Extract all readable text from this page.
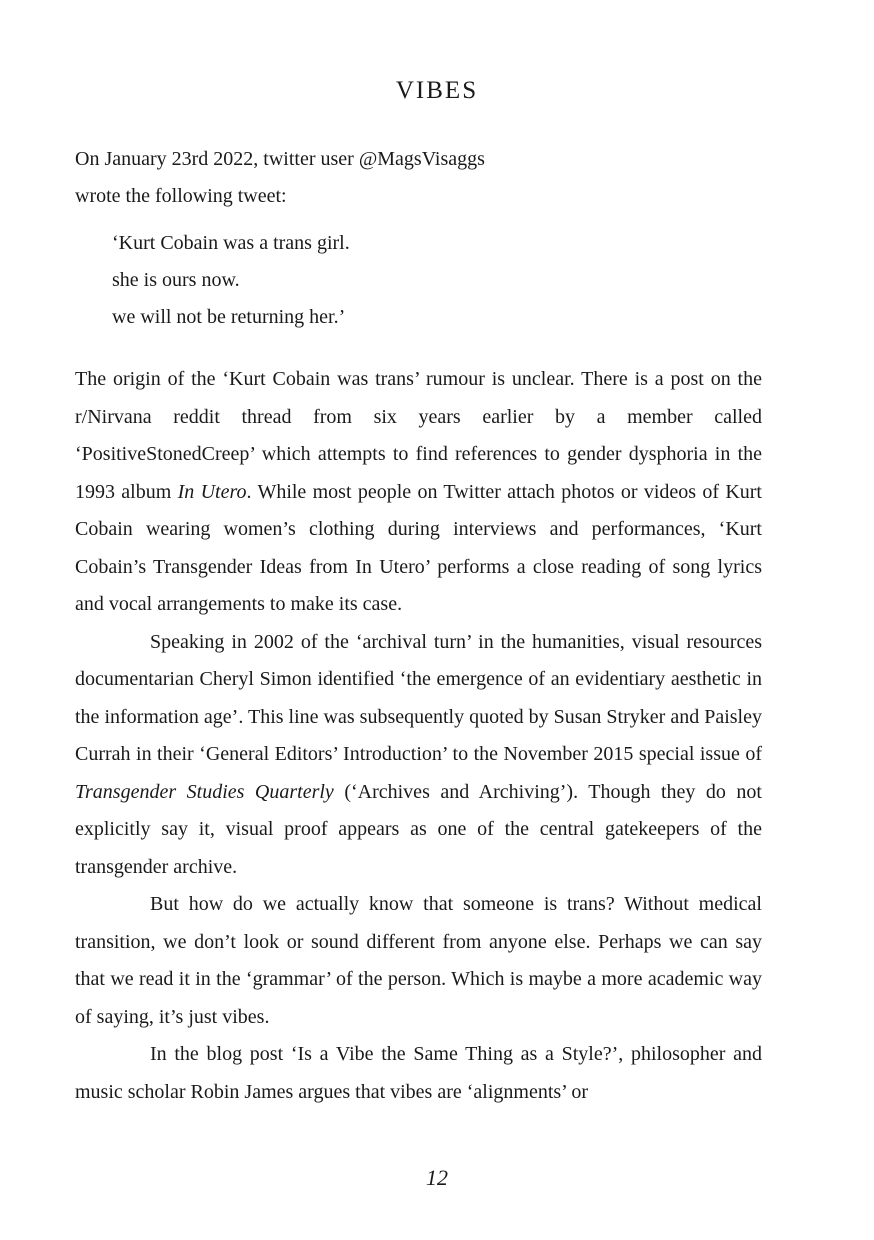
VIBES

On January 23rd 2022, twitter user @MagsVisaggs

wrote the following tweet:

‘Kurt Cobain was a trans girl.

she is ours now.

we will not be returning her.’

The origin of the ‘Kurt Cobain was trans’ rumour is unclear. There is a post on the r/Nirvana reddit thread from six years earlier by a member called ‘PositiveStonedCreep’ which attempts to find references to gender dysphoria in the 1993 album In Utero. While most people on Twitter attach photos or videos of Kurt Cobain wearing women’s clothing during interviews and performances, ‘Kurt Cobain’s Transgender Ideas from In Utero’ performs a close reading of song lyrics and vocal arrangements to make its case.

Speaking in 2002 of the ‘archival turn’ in the humanities, visual resources documentarian Cheryl Simon identified ‘the emergence of an evidentiary aesthetic in the information age’. This line was subsequently quoted by Susan Stryker and Paisley Currah in their ‘General Editors’ Introduction’ to the November 2015 special issue of Transgender Studies Quarterly (‘Archives and Archiving’). Though they do not explicitly say it, visual proof appears as one of the central gatekeepers of the transgender archive.

But how do we actually know that someone is trans? Without medical transition, we don’t look or sound different from anyone else. Perhaps we can say that we read it in the ‘grammar’ of the person. Which is maybe a more academic way of saying, it’s just vibes.

In the blog post ‘Is a Vibe the Same Thing as a Style?’, philosopher and music scholar Robin James argues that vibes are ‘alignments’ or

12
